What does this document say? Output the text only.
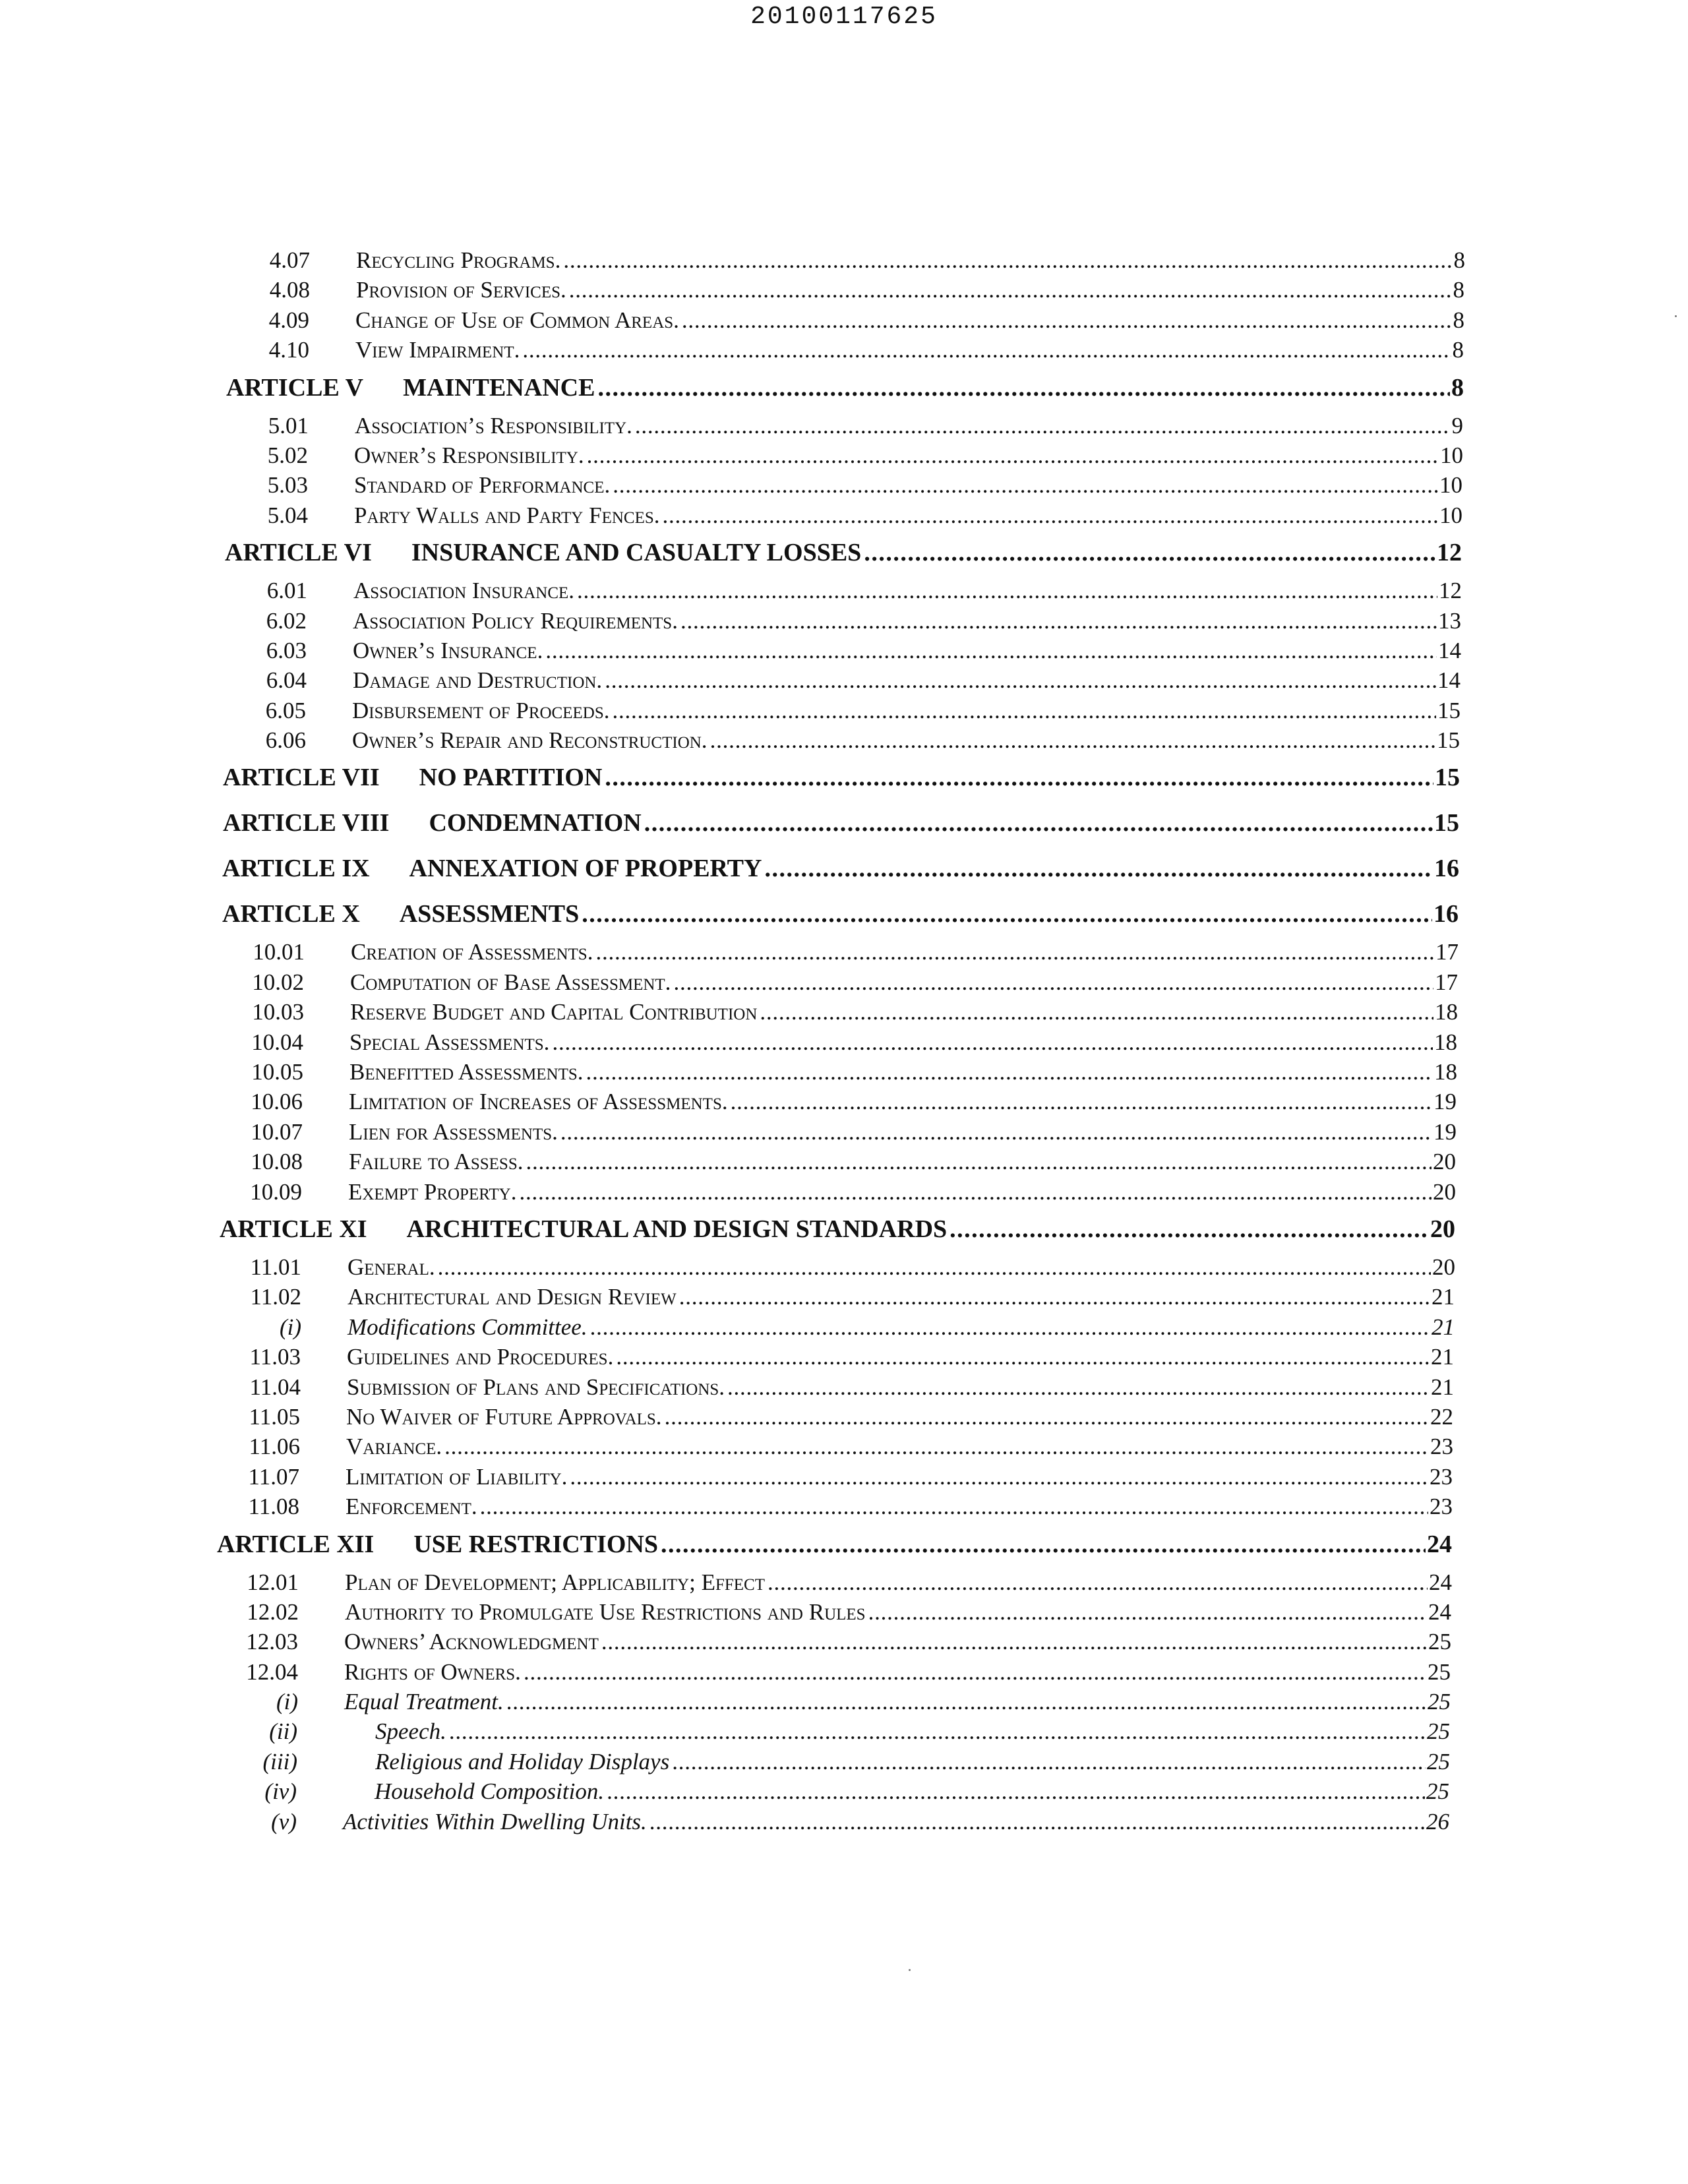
20100117625
4.07 Recycling Programs. . . .	8
4.08 Provision of Services. . . .	8
4.09 Change of Use of Common Areas. . . .	8
4.10 View Impairment. . . .	8
ARTICLE V MAINTENANCE . . .	8
5.01 Association’s Responsibility. . . .	9
5.02 Owner’s Responsibility. . . .	10
5.03 Standard of Performance. . . .	10
5.04 Party Walls and Party Fences. . . .	10
ARTICLE VI INSURANCE AND CASUALTY LOSSES . . .	12
6.01 Association Insurance. . . .	12
6.02 Association Policy Requirements. . . .	13
6.03 Owner’s Insurance. . . .	14
6.04 Damage and Destruction. . . .	14
6.05 Disbursement of Proceeds. . . .	15
6.06 Owner’s Repair and Reconstruction. . . .	15
ARTICLE VII NO PARTITION . . .	15
ARTICLE VIII CONDEMNATION . . .	15
ARTICLE IX ANNEXATION OF PROPERTY . . .	16
ARTICLE X ASSESSMENTS . . .	16
10.01 Creation of Assessments. . . .	17
10.02 Computation of Base Assessment. . . .	17
10.03 Reserve Budget and Capital Contribution . . .	18
10.04 Special Assessments. . . .	18
10.05 Benefitted Assessments. . . .	18
10.06 Limitation of Increases of Assessments. . . .	19
10.07 Lien for Assessments. . . .	19
10.08 Failure to Assess. . . .	20
10.09 Exempt Property. . . .	20
ARTICLE XI ARCHITECTURAL AND DESIGN STANDARDS . . .	20
11.01 General. . . .	20
11.02 Architectural and Design Review . . .	21
(i) Modifications Committee. . . .	21
11.03 Guidelines and Procedures. . . .	21
11.04 Submission of Plans and Specifications. . . .	21
11.05 No Waiver of Future Approvals. . . .	22
11.06 Variance. . . .	23
11.07 Limitation of Liability. . . .	23
11.08 Enforcement. . . .	23
ARTICLE XII USE RESTRICTIONS . . .	24
12.01 Plan of Development; Applicability; Effect . . .	24
12.02 Authority to Promulgate Use Restrictions and Rules . . .	24
12.03 Owners’ Acknowledgment . . .	25
12.04 Rights of Owners. . . .	25
(i) Equal Treatment. . . .	25
(ii)	Speech. . . .	25
(iii)	Religious and Holiday Displays . . .	25
(iv)	Household Composition. . . .	25
(v) Activities Within Dwelling Units. . . .	26
